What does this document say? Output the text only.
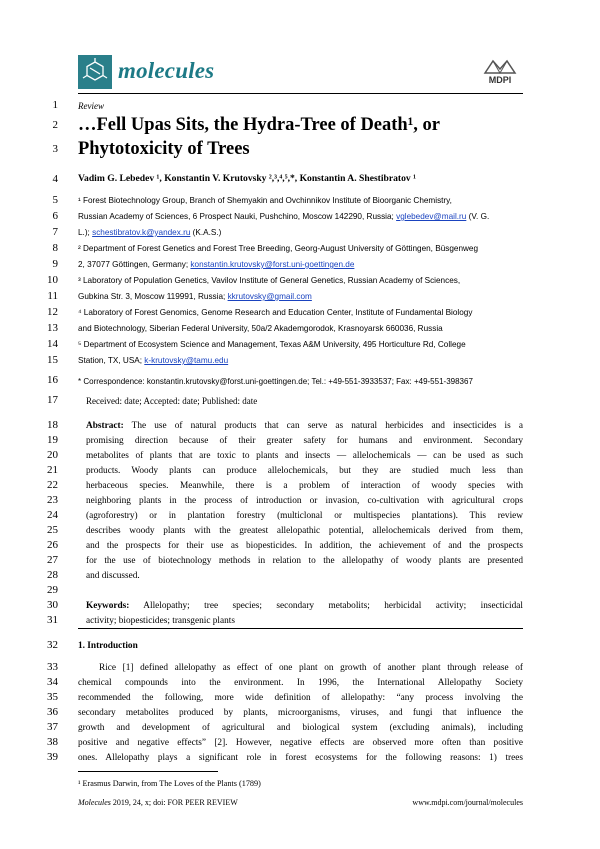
molecules	MDPI
1
2
3
4
5
6
7
8
9
10
11
12
13
14
15
16
17
18
19
20
21
22
23
24
25
26
27
28
29
30
31
32
33
34
35
36
37
38
39
Review
…Fell Upas Sits, the Hydra-Tree of Death¹, or
Phytotoxicity of Trees
Vadim G. Lebedev ¹, Konstantin V. Krutovsky ²,³,⁴,⁵,*, Konstantin A. Shestibratov ¹
¹ Forest Biotechnology Group, Branch of Shemyakin and Ovchinnikov Institute of Bioorganic Chemistry,
Russian Academy of Sciences, 6 Prospect Nauki, Pushchino, Moscow 142290, Russia; vglebedev@mail.ru (V. G.
L.); schestibratov.k@yandex.ru (K.A.S.)
² Department of Forest Genetics and Forest Tree Breeding, Georg-August University of Göttingen, Büsgenweg
2, 37077 Göttingen, Germany; konstantin.krutovsky@forst.uni-goettingen.de
³ Laboratory of Population Genetics, Vavilov Institute of General Genetics, Russian Academy of Sciences,
Gubkina Str. 3, Moscow 119991, Russia; kkrutovsky@gmail.com
⁴ Laboratory of Forest Genomics, Genome Research and Education Center, Institute of Fundamental Biology
and Biotechnology, Siberian Federal University, 50a/2 Akademgorodok, Krasnoyarsk 660036, Russia
⁵ Department of Ecosystem Science and Management, Texas A&M University, 495 Horticulture Rd, College
Station, TX, USA; k-krutovsky@tamu.edu
* Correspondence: konstantin.krutovsky@forst.uni-goettingen.de; Tel.: +49-551-3933537; Fax: +49-551-398367
Received: date; Accepted: date; Published: date
Abstract: The use of natural products that can serve as natural herbicides and insecticides is a
promising direction because of their greater safety for humans and environment. Secondary
metabolites of plants that are toxic to plants and insects — allelochemicals — can be used as such
products. Woody plants can produce allelochemicals, but they are studied much less than
herbaceous species. Meanwhile, there is a problem of interaction of woody species with
neighboring plants in the process of introduction or invasion, co-cultivation with agricultural crops
(agroforestry) or in plantation forestry (multiclonal or multispecies plantations). This review
describes woody plants with the greatest allelopathic potential, allelochemicals derived from them,
and the prospects for their use as biopesticides. In addition, the achievement of and the prospects
for the use of biotechnology methods in relation to the allelopathy of woody plants are presented
and discussed.
Keywords: Allelopathy; tree species; secondary metabolits; herbicidal activity; insecticidal
activity; biopesticides; transgenic plants
1. Introduction
Rice [1] defined allelopathy as effect of one plant on growth of another plant through release of
chemical compounds into the environment. In 1996, the International Allelopathy Society
recommended the following, more wide definition of allelopathy: “any process involving the
secondary metabolites produced by plants, microorganisms, viruses, and fungi that influence the
growth and development of agricultural and biological system (excluding animals), including
positive and negative effects” [2]. However, negative effects are observed more often than positive
ones. Allelopathy plays a significant role in forest ecosystems for the following reasons: 1) trees
¹ Erasmus Darwin, from The Loves of the Plants (1789)
Molecules 2019, 24, x; doi: FOR PEER REVIEW	www.mdpi.com/journal/molecules
